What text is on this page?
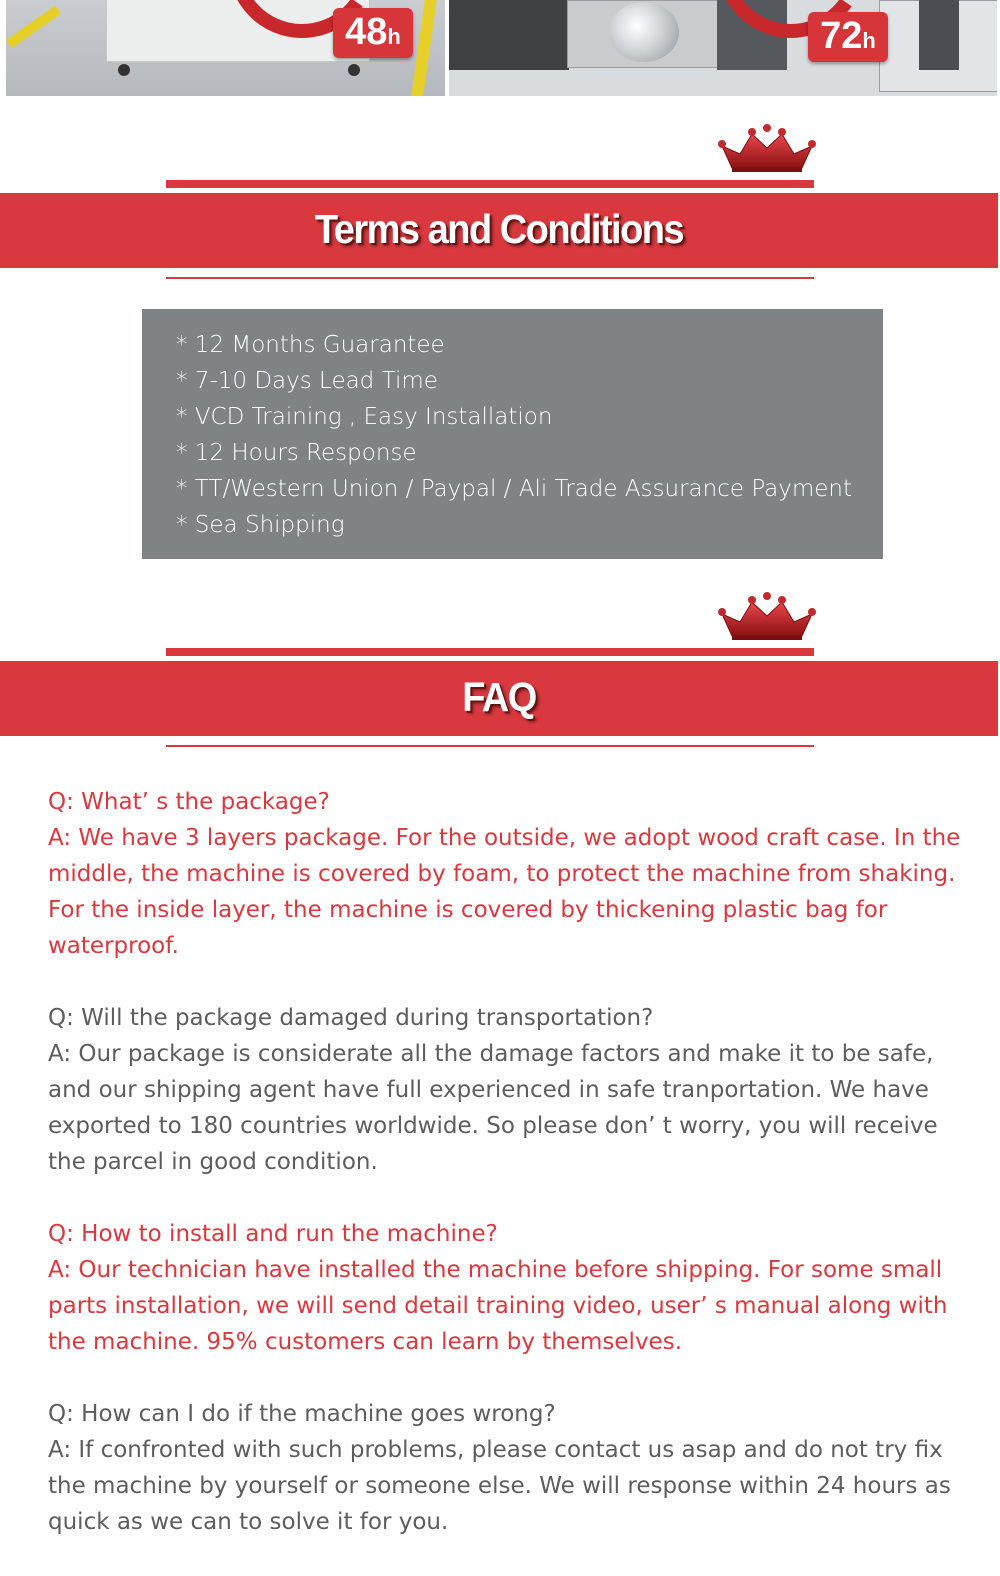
48h	72h
Terms and Conditions
* 12 Months Guarantee
* 7-10 Days Lead Time
* VCD Training , Easy Installation
* 12 Hours Response
* TT/Western Union / Paypal / Ali Trade Assurance Payment
* Sea Shipping
FAQ

Q: What’ s the package?

A: We have 3 layers package. For the outside, we adopt wood craft case. In the middle, the machine is covered by foam, to protect the machine from shaking. For the inside layer, the machine is covered by thickening plastic bag for waterproof.

Q: Will the package damaged during transportation?

A: Our package is considerate all the damage factors and make it to be safe, and our shipping agent have full experienced in safe tranportation. We have exported to 180 countries worldwide. So please don’ t worry, you will receive the parcel in good condition.

Q: How to install and run the machine?

A: Our technician have installed the machine before shipping. For some small parts installation, we will send detail training video, user’ s manual along with the machine. 95% customers can learn by themselves.

Q: How can I do if the machine goes wrong?

A: If confronted with such problems, please contact us asap and do not try fix the machine by yourself or someone else. We will response within 24 hours as quick as we can to solve it for you.
